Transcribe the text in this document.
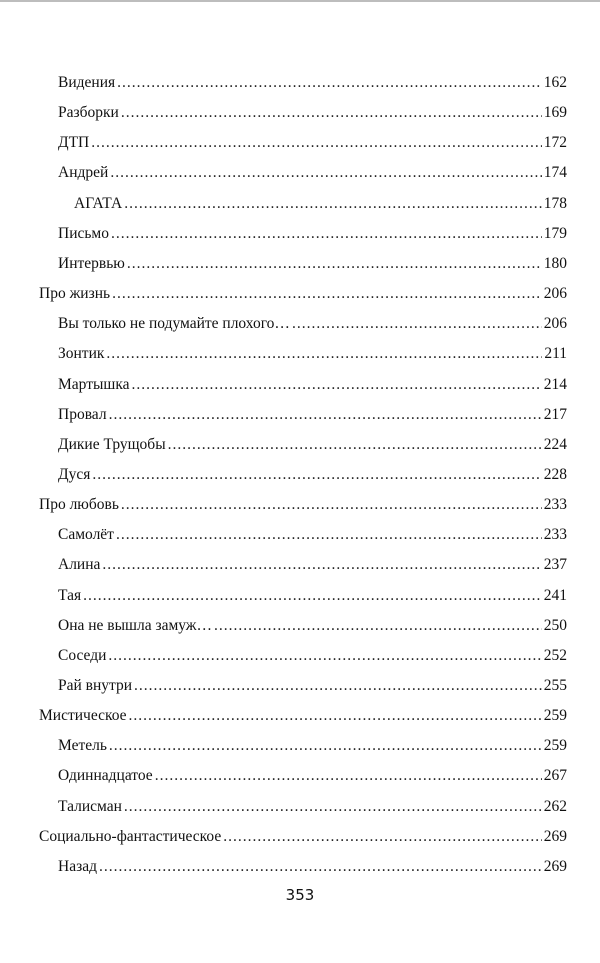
Видения .....	162
Разборки .....	169
ДТП .....	172
Андрей .....	174
АГАТА .....	178
Письмо .....	179
Интервью .....	180
Про жизнь .....	206
Вы только не подумайте плохого… .....	206
Зонтик .....	211
Мартышка .....	214
Провал .....	217
Дикие Трущобы .....	224
Дуся .....	228
Про любовь .....	233
Самолёт .....	233
Алина .....	237
Тая .....	241
Она не вышла замуж… .....	250
Соседи .....	252
Рай внутри .....	255
Мистическое .....	259
Метель .....	259
Одиннадцатое .....	267
Талисман .....	262
Социально-фантастическое .....	269
Назад .....	269
353
